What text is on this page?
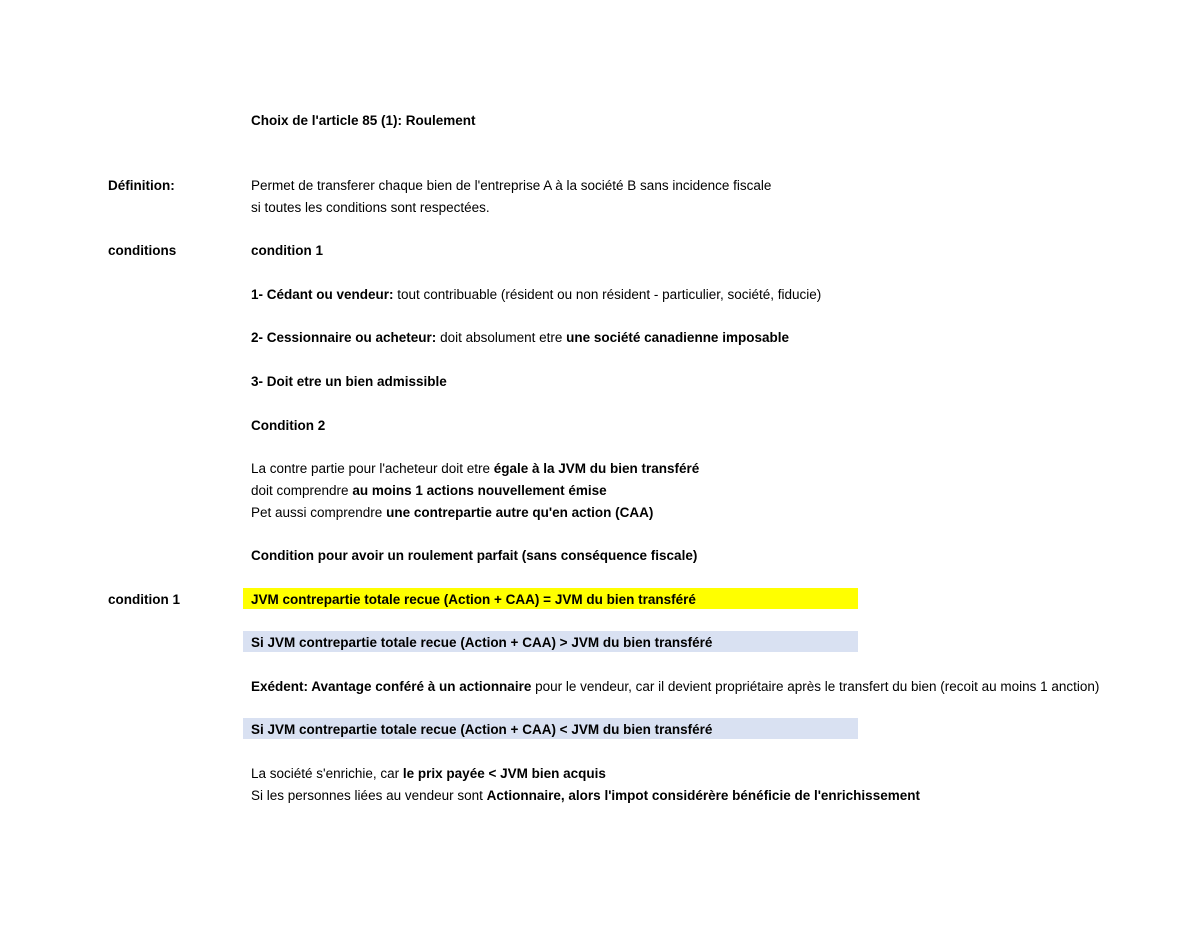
Choix de l'article 85 (1): Roulement
Définition:	Permet de transferer chaque bien de l'entreprise A à la société B sans incidence fiscale
si toutes les conditions sont respectées.
conditions	condition 1
1- Cédant ou vendeur: tout contribuable (résident ou non résident - particulier, société, fiducie)
2- Cessionnaire ou acheteur: doit absolument etre une société canadienne imposable
3- Doit etre un bien admissible
Condition 2
La contre partie pour l'acheteur doit etre égale à la JVM du bien transféré
doit comprendre au moins 1 actions nouvellement émise
Pet aussi comprendre une contrepartie autre qu'en action (CAA)
Condition pour avoir un roulement parfait (sans conséquence fiscale)
condition 1	JVM contrepartie totale recue (Action + CAA) = JVM du bien transféré
Si JVM contrepartie totale recue (Action + CAA) > JVM du bien transféré
Exédent: Avantage conféré à un actionnaire pour le vendeur, car il devient propriétaire après le transfert du bien (recoit au moins 1 anction)
Si JVM contrepartie totale recue (Action + CAA) < JVM du bien transféré
La société s'enrichie, car le prix payée < JVM bien acquis
Si les personnes liées au vendeur sont Actionnaire, alors l'impot considérère bénéficie de l'enrichissement
